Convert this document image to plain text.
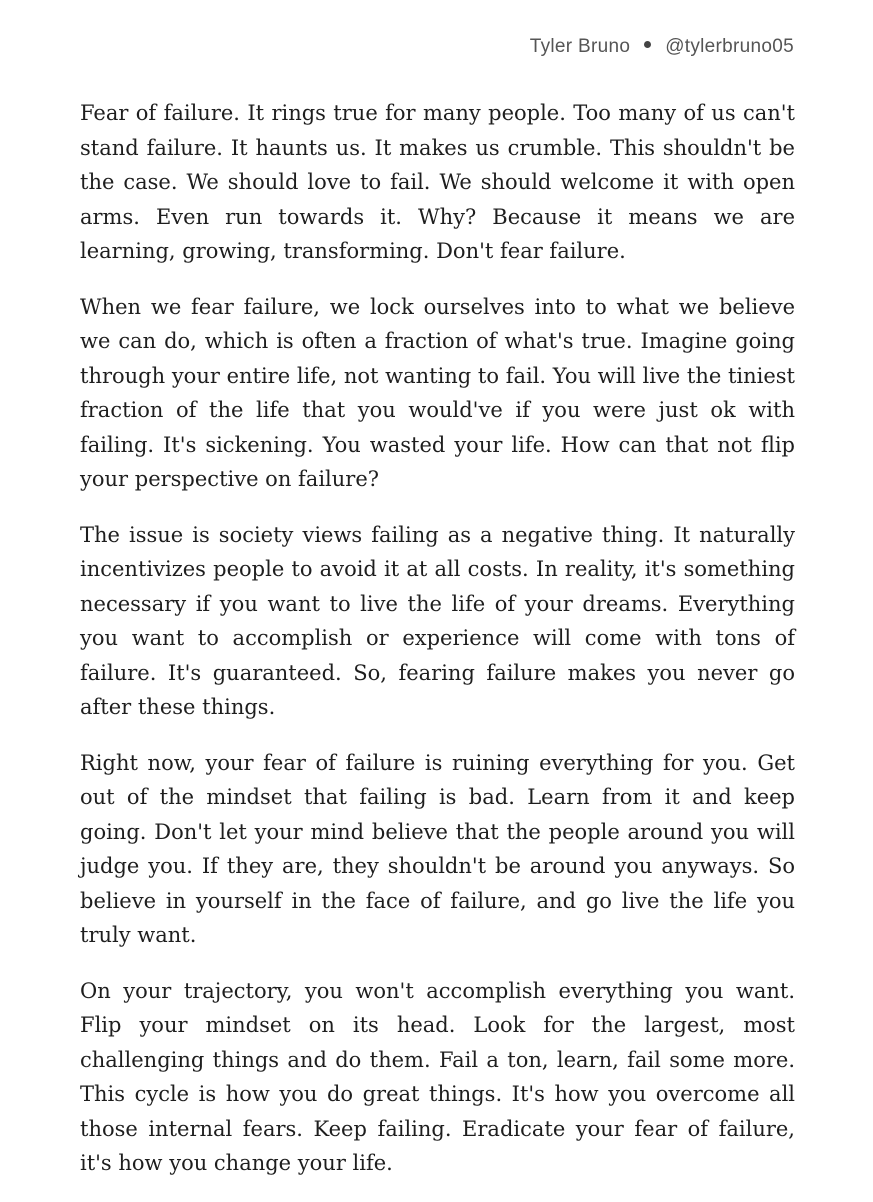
Tyler Bruno @tylerbruno05

Fear of failure. It rings true for many people. Too many of us can't stand failure. It haunts us. It makes us crumble. This shouldn't be the case. We should love to fail. We should welcome it with open arms. Even run towards it. Why? Because it means we are learning, growing, transforming. Don't fear failure.

When we fear failure, we lock ourselves into to what we believe we can do, which is often a fraction of what's true. Imagine going through your entire life, not wanting to fail. You will live the tiniest fraction of the life that you would've if you were just ok with failing. It's sickening. You wasted your life. How can that not flip your perspective on failure?

The issue is society views failing as a negative thing. It naturally incentivizes people to avoid it at all costs. In reality, it's something necessary if you want to live the life of your dreams. Everything you want to accomplish or experience will come with tons of failure. It's guaranteed. So, fearing failure makes you never go after these things.

Right now, your fear of failure is ruining everything for you. Get out of the mindset that failing is bad. Learn from it and keep going. Don't let your mind believe that the people around you will judge you. If they are, they shouldn't be around you anyways. So believe in yourself in the face of failure, and go live the life you truly want.

On your trajectory, you won't accomplish everything you want. Flip your mindset on its head. Look for the largest, most challenging things and do them. Fail a ton, learn, fail some more. This cycle is how you do great things. It's how you overcome all those internal fears. Keep failing. Eradicate your fear of failure, it's how you change your life.
